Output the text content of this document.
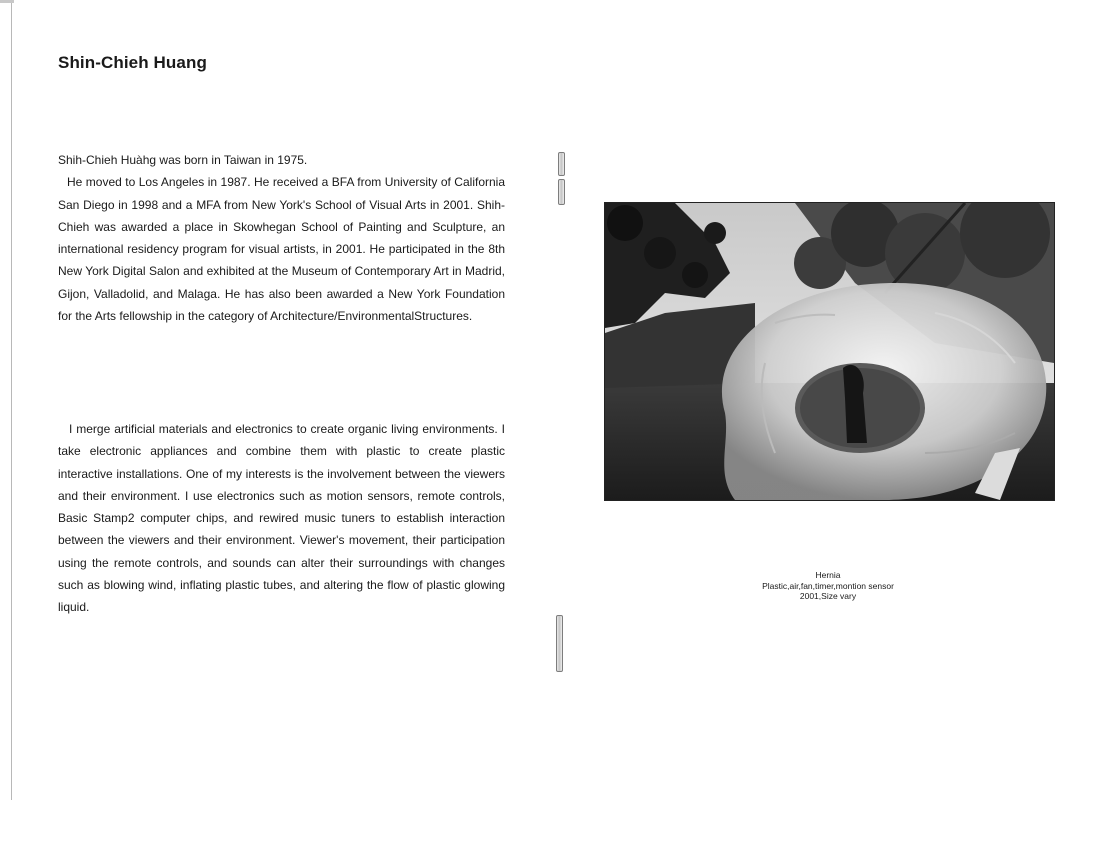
Shin-Chieh Huang

Shih-Chieh Huàhg was born in Taiwan in 1975.

He moved to Los Angeles in 1987. He received a BFA from University of California San Diego in 1998 and a MFA from New York's School of Visual Arts in 2001. Shih-Chieh was awarded a place in Skowhegan School of Painting and Sculpture, an international residency program for visual artists, in 2001. He participated in the 8th New York Digital Salon and exhibited at the Museum of Contemporary Art in Madrid, Gijon, Valladolid, and Malaga. He has also been awarded a New York Foundation for the Arts fellowship in the category of Architecture/EnvironmentalStructures.

I merge artificial materials and electronics to create organic living environments. I take electronic appliances and combine them with plastic to create plastic interactive installations. One of my interests is the involvement between the viewers and their environment. I use electronics such as motion sensors, remote controls, Basic Stamp2 computer chips, and rewired music tuners to establish interaction between the viewers and their environment. Viewer's movement, their participation using the remote controls, and sounds can alter their surroundings with changes such as blowing wind, inflating plastic tubes, and altering the flow of plastic glowing liquid.

Hernia
Plastic,air,fan,timer,montion sensor
2001,Size vary
